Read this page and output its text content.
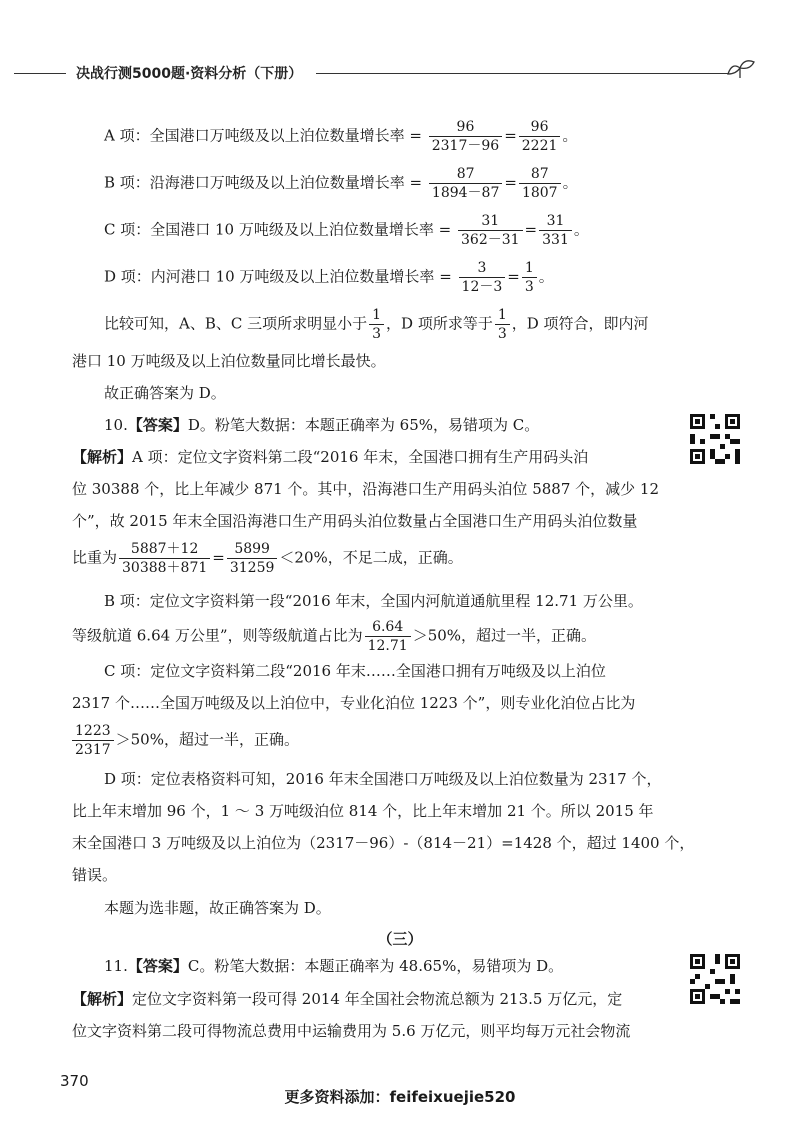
决战行测5000题·资料分析（下册）
A 项：全国港口万吨级及以上泊位数量增长率 = $\frac{96}{2317-96} = \frac{96}{2221}$ 。
B 项：沿海港口万吨级及以上泊位数量增长率 = $\frac{87}{1894-87} = \frac{87}{1807}$ 。
C 项：全国港口 10 万吨级及以上泊位数量增长率 = $\frac{31}{362-31} = \frac{31}{331}$ 。
D 项：内河港口 10 万吨级及以上泊位数量增长率 = $\frac{3}{12-3} = \frac{1}{3}$ 。
比较可知，A、B、C 三项所求明显小于 $\frac{1}{3}$ ，D 项所求等于 $\frac{1}{3}$ ，D 项符合，即内河
港口 10 万吨级及以上泊位数量同比增长最快。
故正确答案为 D。
10.【答案】D。粉笔大数据：本题正确率为 65%，易错项为 C。
【解析】A 项：定位文字资料第二段“2016 年末，全国港口拥有生产用码头泊
位 30388 个，比上年减少 871 个。其中，沿海港口生产用码头泊位 5887 个，减少 12
个”，故 2015 年末全国沿海港口生产用码头泊位数量占全国港口生产用码头泊位数量
比重为 $\frac{5887+12}{30388+871} = \frac{5899}{31259} <20\%$，不足二成，正确。
B 项：定位文字资料第一段“2016 年末，全国内河航道通航里程 12.71 万公里。
等级航道 6.64 万公里”，则等级航道占比为 $\frac{6.64}{12.71} >50\%$，超过一半，正确。
C 项：定位文字资料第二段“2016 年末……全国港口拥有万吨级及以上泊位
2317 个……全国万吨级及以上泊位中，专业化泊位 1223 个”，则专业化泊位占比为
$\frac{1223}{2317} >50\%$，超过一半，正确。
D 项：定位表格资料可知，2016 年末全国港口万吨级及以上泊位数量为 2317 个，
比上年末增加 96 个，1 ～ 3 万吨级泊位 814 个，比上年末增加 21 个。所以 2015 年
末全国港口 3 万吨级及以上泊位为（2317－96）-（814－21）=1428 个，超过 1400 个，
错误。
本题为选非题，故正确答案为 D。
（三）
11.【答案】C。粉笔大数据：本题正确率为 48.65%，易错项为 D。
【解析】定位文字资料第一段可得 2014 年全国社会物流总额为 213.5 万亿元，定
位文字资料第二段可得物流总费用中运输费用为 5.6 万亿元，则平均每万元社会物流
370
更多资料添加：feifeixuejie520
